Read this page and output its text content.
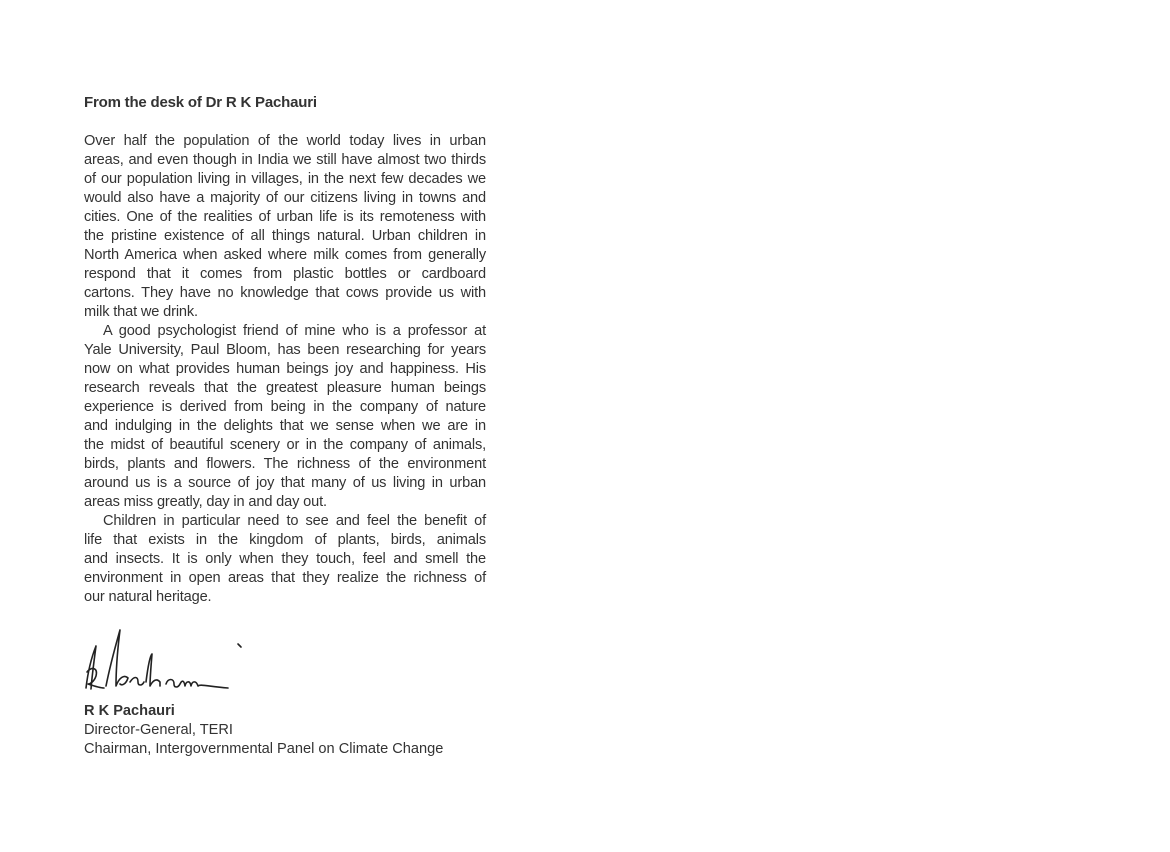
From the desk of Dr R K Pachauri
Over half the population of the world today lives in urban
areas, and even though in India we still have almost two thirds
of our population living in villages, in the next few decades we
would also have a majority of our citizens living in towns and
cities. One of the realities of urban life is its remoteness with
the pristine existence of all things natural. Urban children in
North America when asked where milk comes from generally
respond that it comes from plastic bottles or cardboard
cartons. They have no knowledge that cows provide us with
milk that we drink.
A good psychologist friend of mine who is a professor at
Yale University, Paul Bloom, has been researching for years
now on what provides human beings joy and happiness. His
research reveals that the greatest pleasure human beings
experience is derived from being in the company of nature
and indulging in the delights that we sense when we are in
the midst of beautiful scenery or in the company of animals,
birds, plants and flowers. The richness of the environment
around us is a source of joy that many of us living in urban
areas miss greatly, day in and day out.
Children in particular need to see and feel the benefit of
life that exists in the kingdom of plants, birds, animals
and insects. It is only when they touch, feel and smell the
environment in open areas that they realize the richness of
our natural heritage.
R K Pachauri
Director-General, TERI
Chairman, Intergovernmental Panel on Climate Change
